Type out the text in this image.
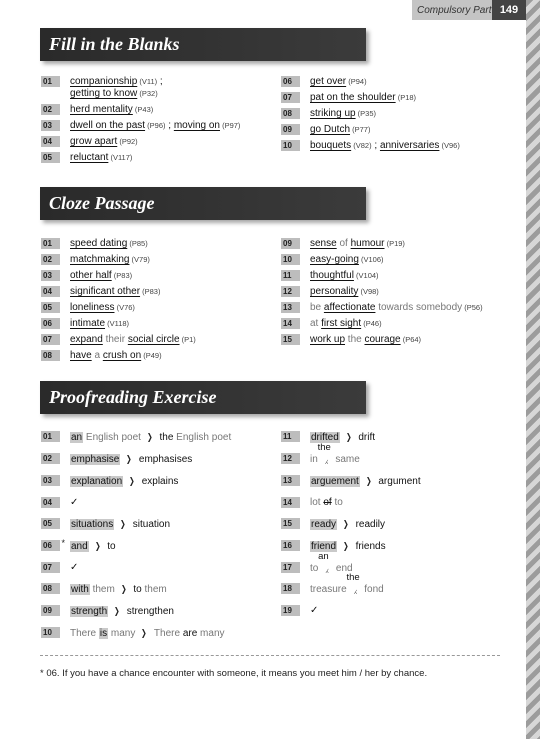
Compulsory Part 149
Fill in the Blanks
01	companionship (V11) ;
getting to know (P32)
02	herd mentality (P43)
03	dwell on the past (P96) ; moving on (P97)
04	grow apart (P92)
05	reluctant (V117)
06	get over (P94)
07	pat on the shoulder (P18)
08	striking up (P35)
09	go Dutch (P77)
10	bouquets (V82) ; anniversaries (V96)
Cloze Passage
01	speed dating (P85)
02	matchmaking (V79)
03	other half (P83)
04	significant other (P83)
05	loneliness (V76)
06	intimate (V118)
07	expand their social circle (P1)
08	have a crush on (P49)
09	sense of humour (P19)
10	easy-going (V106)
11	thoughtful (V104)
12	personality (V98)
13	be affectionate towards somebody (P56)
14	at first sight (P46)
15	work up the courage (P64)
Proofreading Exercise
01	an English poet ❯ the English poet
02	emphasise ❯ emphasises
03	explanation ❯ explains
04	✓
05	situations ❯ situation
06 * and ❯ to
07	✓
08	with them ❯ to them
09	strength ❯ strengthen
10	There is many ❯ There are many
11	drifted ❯ drift
12	in
the
⁁ same
13	arguement ❯ argument
14	lot of to
15	ready ❯ readily
16	friend ❯ friends
17	to
an
⁁ end
18	treasure
the
⁁ fond
19	✓
* 06. If you have a chance encounter with someone, it means you meet him / her by chance.
